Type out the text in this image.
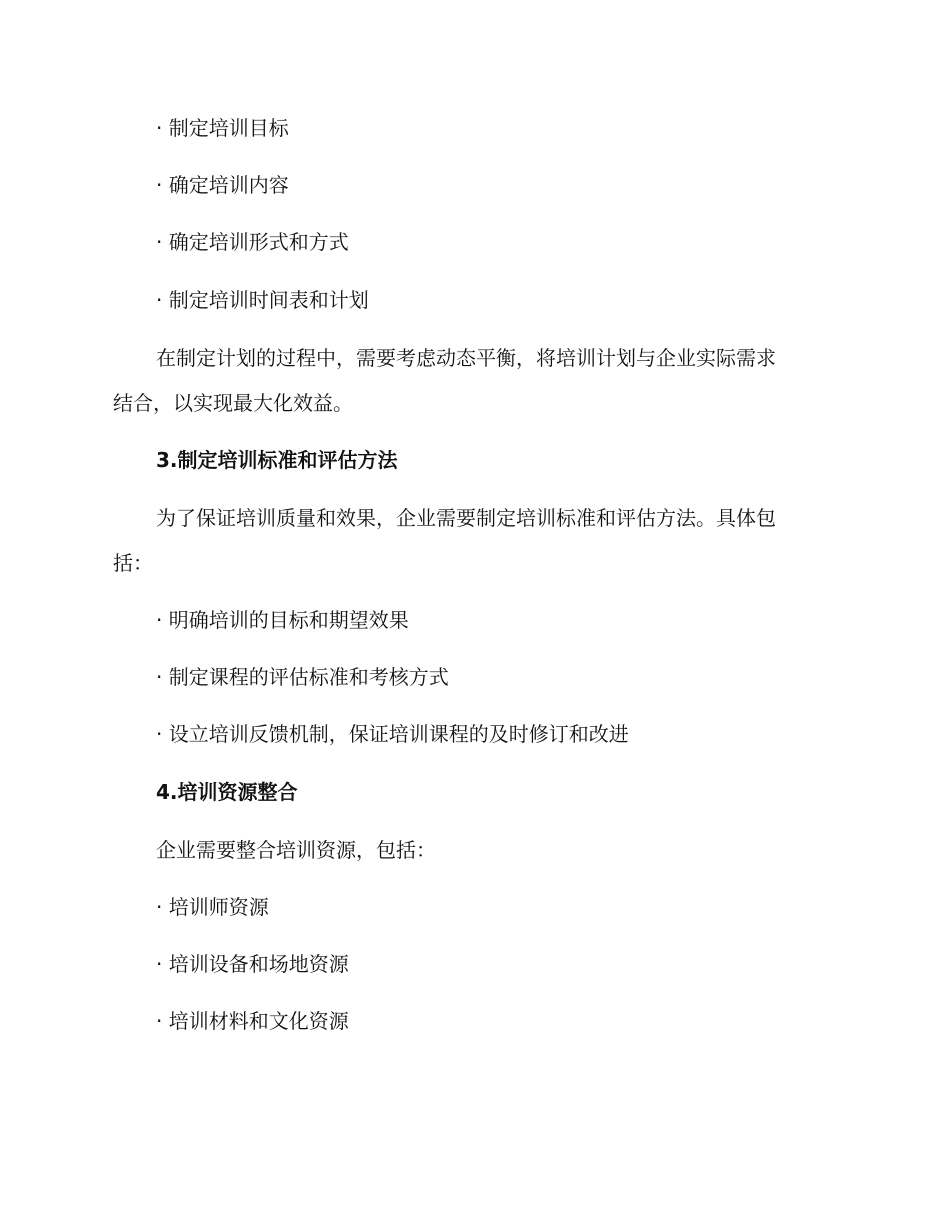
· 制定培训目标
· 确定培训内容
· 确定培训形式和方式
· 制定培训时间表和计划
在制定计划的过程中，需要考虑动态平衡，将培训计划与企业实际需求
结合，以实现最大化效益。
3.制定培训标准和评估方法
为了保证培训质量和效果，企业需要制定培训标准和评估方法。具体包
括：
· 明确培训的目标和期望效果
· 制定课程的评估标准和考核方式
· 设立培训反馈机制，保证培训课程的及时修订和改进
4.培训资源整合
企业需要整合培训资源，包括：
· 培训师资源
· 培训设备和场地资源
· 培训材料和文化资源
